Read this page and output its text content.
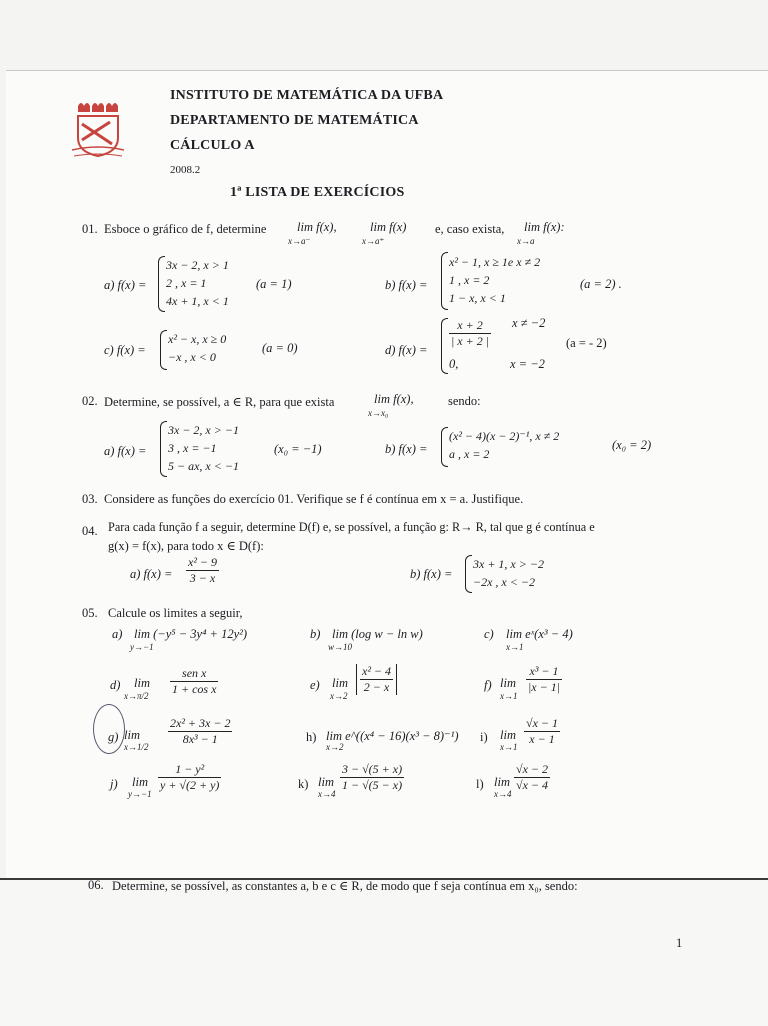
INSTITUTO DE MATEMÁTICA DA UFBA
DEPARTAMENTO DE MATEMÁTICA
CÁLCULO A
2008.2
1ª LISTA DE EXERCÍCIOS
01. Esboce o gráfico de f, determine lim f(x),
x→a⁻
lim f(x)
x→a⁺
e, caso exista, lim f(x):
x→a
a) f(x) =
3x − 2, x > 1
2 , x = 1
4x + 1, x < 1
(a = 1)	b) f(x) =
x² − 1, x ≥ 1e x ≠ 2
1 , x = 2
1 − x, x < 1
(a = 2) .
c) f(x) =
x² − x, x ≥ 0
−x , x < 0
(a = 0)	d) f(x) =
$\frac{x + 2}{| x + 2 |}$ x ≠ −2
0,	x = −2
(a = - 2)
02. Determine, se possível, a ∈ R, para que exista	lim f(x),
x→x₀
sendo:
a) f(x) =
3x − 2, x > −1
3 , x = −1
5 − ax, x < −1
(x₀ = −1)	b) f(x) =
(x² − 4)(x − 2)⁻¹, x ≠ 2
a , x = 2
(x₀ = 2)
03. Considere as funções do exercício 01. Verifique se f é contínua em x = a. Justifique.
04. Para cada função f a seguir, determine D(f) e, se possível, a função g: R→ R, tal que g é contínua e
g(x) = f(x), para todo x ∈ D(f):
a) $f(x) = \frac{\text{x² − 9}}{3 - x}$	b) f(x) =
3x + 1, x > −2
−2x , x < −2
05. Calcule os limites a seguir,
a) lim (−y⁵ − 3y⁴ + 12y²)
y→−1
b) lim (log w − ln w)
w→10
c) lim eˣ(x³ − 4)
x→1
d) lim
$x\to\pi/2 \frac{\text{sen x}}{\text{1 + cos x}}$	e) lim
x→2
$\frac{\text{x² − 4}}{2 - x}$	f) lim
x→1
$\frac{\text{x³ − 1}}{|x - 1|}$
g) lim
$x\to 1/2 \frac{\text{2x² + 3x − 2}}{\text{8x³ − 1}}$	h) lim e^((x⁴ − 16)(x³ − 8)⁻¹)
x→2
i) lim
$x\to 1 \frac{√x - 1}{x - 1}$
j) lim
y→−1
$\frac{\text{1 − y²}}{y + √(2 + y)}$	k) lim
x→4
$\frac{3 - √(5 + x)}{1 - √(5 - x)}$	l) lim
x→4
$\frac{√x - 2}{√x - 4}$
06. Determine, se possível, as constantes a, b e c ∈ R, de modo que f seja contínua em x₀, sendo:
1
